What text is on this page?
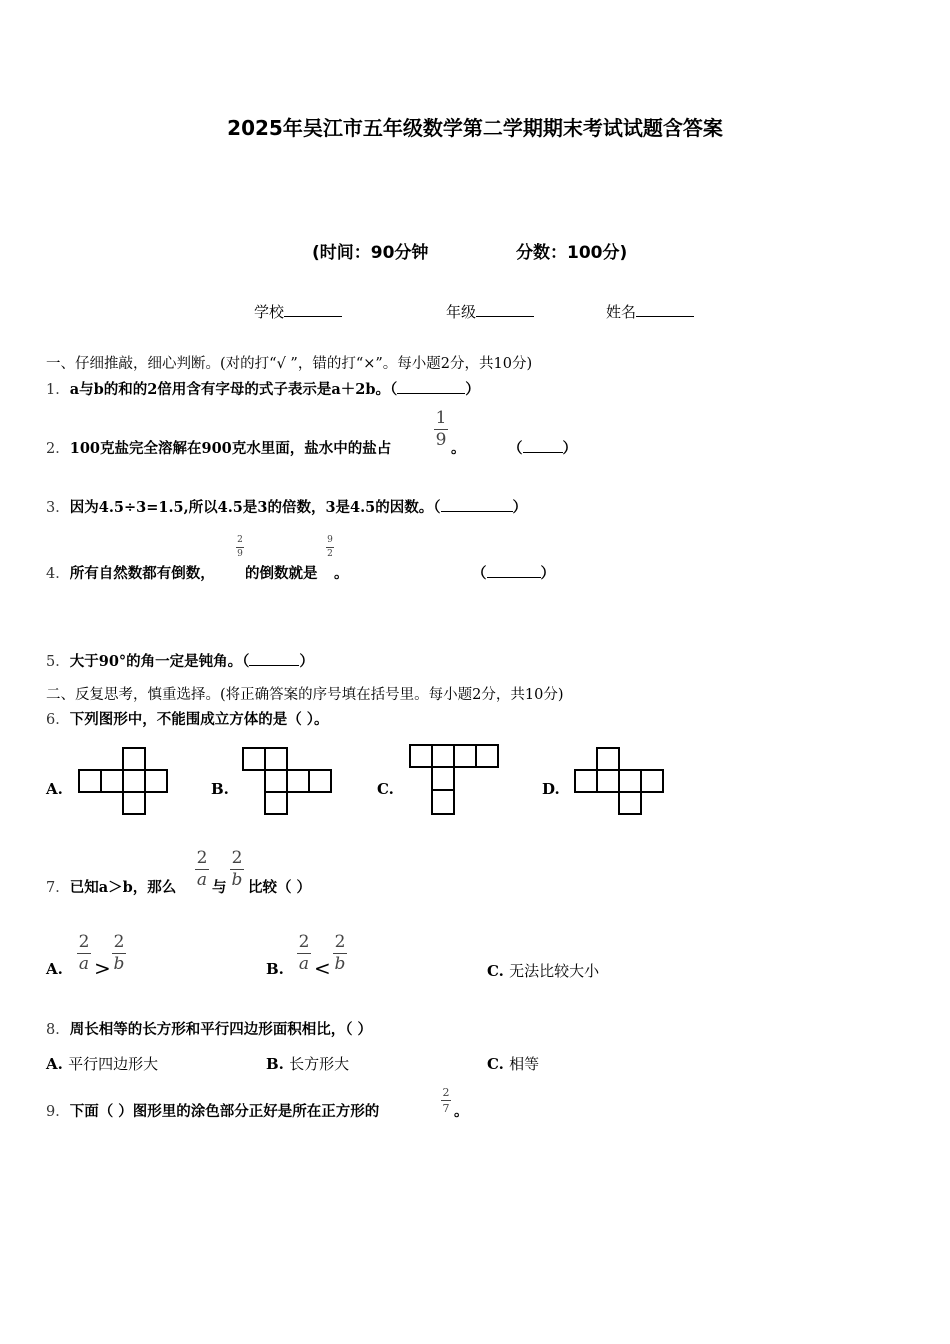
2025年吴江市五年级数学第二学期期末考试试题含答案
(时间：90分钟	分数：100分)
学校	年级	姓名
一、仔细推敲，细心判断。(对的打“√ ”，错的打“×”。每小题2分，共10分)
1．a与b的和的2倍用含有字母的式子表示是a＋2b。（	）
2．100克盐完全溶解在900克水里面，盐水中的盐占
1
9 。	（	）
3．因为4.5÷3=1.5,所以4.5是3的倍数，3是4.5的因数。（	）
4．所有自然数都有倒数，
2
9
的倒数就是
9
2
。	（	）
5．大于90°的角一定是钝角。（	）
二、反复思考，慎重选择。(将正确答案的序号填在括号里。每小题2分，共10分)
6．下列图形中，不能围成立方体的是（ ）。
A.	B.	C.	D.
7．已知a＞b，那么
2
a 与
2
b 比较（ ）
A.
2
a >
2
b	B.
2
a <
2
b	C. 无法比较大小
8．周长相等的长方形和平行四边形面积相比，（ ）
A. 平行四边形大	B. 长方形大	C. 相等
9．下面（ ）图形里的涂色部分正好是所在正方形的
2
7 。
